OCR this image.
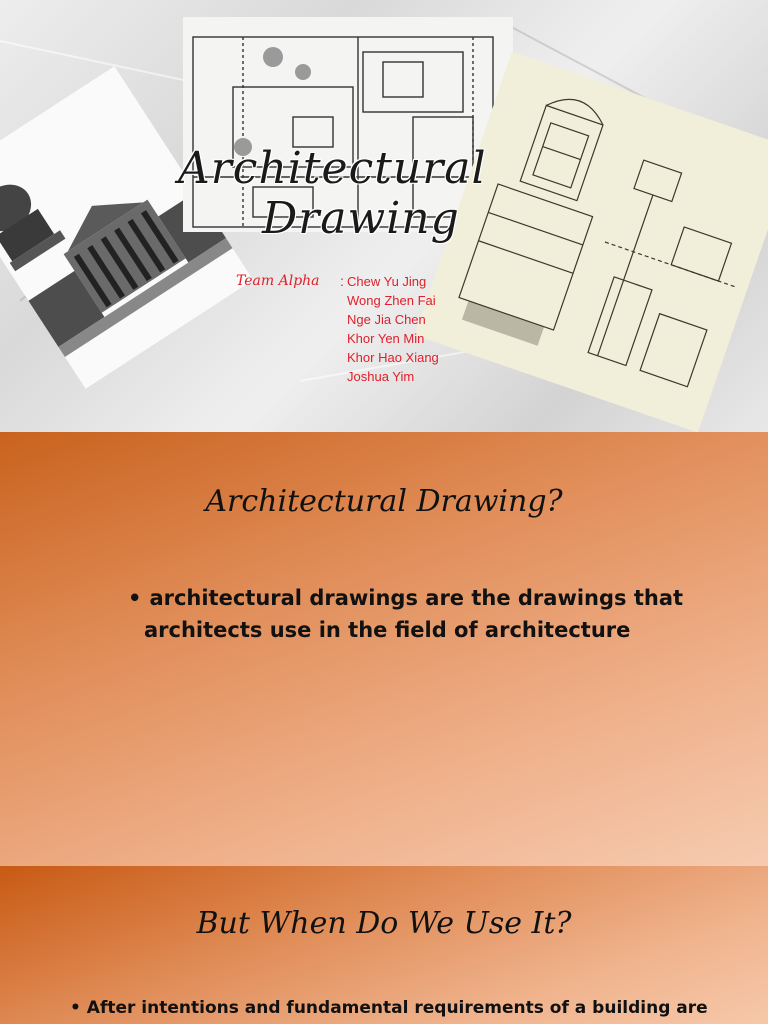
Architectural
Drawing
Team Alpha : Chew Yu Jing
Wong Zhen Fai
Nge Jia Chen
Khor Yen Min
Khor Hao Xiang
Joshua Yim
Architectural Drawing?
• architectural drawings are the drawings that
architects use in the field of architecture
But When Do We Use It?
• After intentions and fundamental requirements of a building are
